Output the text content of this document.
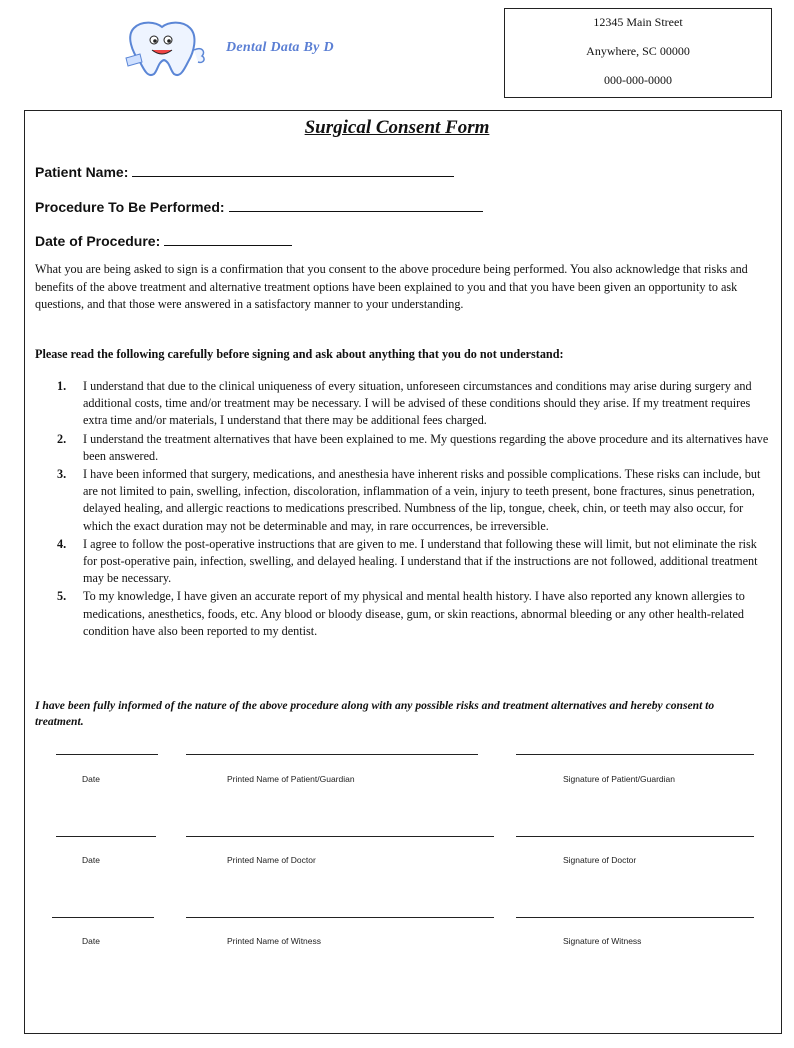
Dental Data By D
12345 Main Street
Anywhere, SC 00000
000-000-0000
Surgical Consent Form
Patient Name:
Procedure To Be Performed:
Date of Procedure:
What you are being asked to sign is a confirmation that you consent to the above procedure being performed. You also acknowledge that risks and benefits of the above treatment and alternative treatment options have been explained to you and that you have been given an opportunity to ask questions, and that those were answered in a satisfactory manner to your understanding.
Please read the following carefully before signing and ask about anything that you do not understand:
1. I understand that due to the clinical uniqueness of every situation, unforeseen circumstances and conditions may arise during surgery and additional costs, time and/or treatment may be necessary. I will be advised of these conditions should they arise. If my treatment requires extra time and/or materials, I understand that there may be additional fees charged.
2. I understand the treatment alternatives that have been explained to me. My questions regarding the above procedure and its alternatives have been answered.
3. I have been informed that surgery, medications, and anesthesia have inherent risks and possible complications. These risks can include, but are not limited to pain, swelling, infection, discoloration, inflammation of a vein, injury to teeth present, bone fractures, sinus penetration, delayed healing, and allergic reactions to medications prescribed. Numbness of the lip, tongue, cheek, chin, or teeth may also occur, for which the exact duration may not be determinable and may, in rare occurrences, be irreversible.
4. I agree to follow the post-operative instructions that are given to me. I understand that following these will limit, but not eliminate the risk for post-operative pain, infection, swelling, and delayed healing. I understand that if the instructions are not followed, additional treatment may be necessary.
5. To my knowledge, I have given an accurate report of my physical and mental health history. I have also reported any known allergies to medications, anesthetics, foods, etc. Any blood or bloody disease, gum, or skin reactions, abnormal bleeding or any other health-related condition have also been reported to my dentist.
I have been fully informed of the nature of the above procedure along with any possible risks and treatment alternatives and hereby consent to treatment.
Date	Printed Name of Patient/Guardian	Signature of Patient/Guardian
Date	Printed Name of Doctor	Signature of Doctor
Date	Printed Name of Witness	Signature of Witness
